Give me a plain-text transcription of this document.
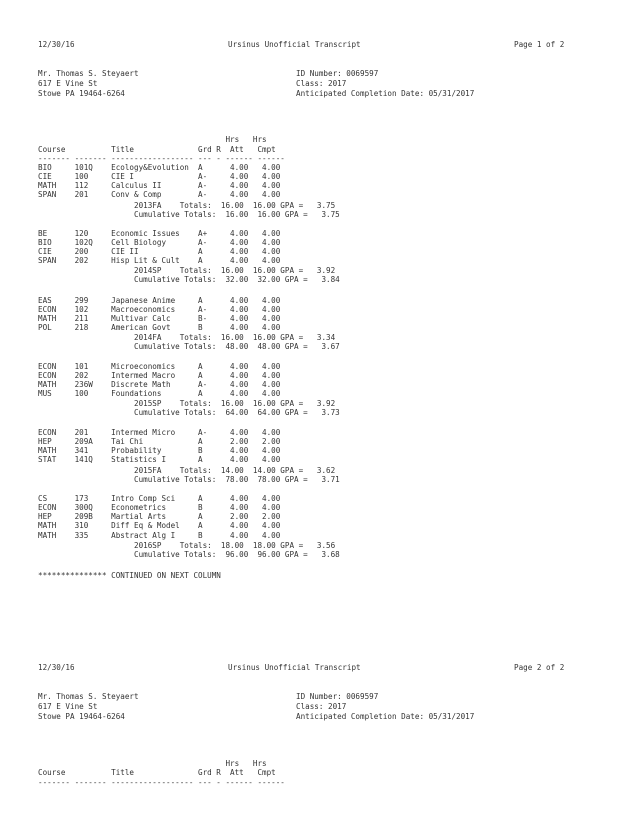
12/30/16	Ursinus Unofficial Transcript	Page 1 of 2
Mr. Thomas S. Steyaert
617 E Vine St
Stowe PA 19464-6264
ID Number: 0069597
Class: 2017
Anticipated Completion Date: 05/31/2017
Hrs   Hrs
Course          Title              Grd R  Att   Cmpt
------- ------- ------------------ --- - ------ ------
BIO     101Q    Ecology&Evolution  A      4.00   4.00
CIE     100     CIE I              A-     4.00   4.00
MATH    112     Calculus II        A-     4.00   4.00
SPAN    201     Conv & Comp        A-     4.00   4.00
2013FA    Totals:  16.00  16.00 GPA =   3.75
Cumulative Totals:  16.00  16.00 GPA =   3.75
BE      120     Economic Issues    A+     4.00   4.00
BIO     102Q    Cell Biology       A-     4.00   4.00
CIE     200     CIE II             A      4.00   4.00
SPAN    202     Hisp Lit & Cult    A      4.00   4.00
2014SP    Totals:  16.00  16.00 GPA =   3.92
Cumulative Totals:  32.00  32.00 GPA =   3.84
EAS     299     Japanese Anime     A      4.00   4.00
ECON    102     Macroeconomics     A-     4.00   4.00
MATH    211     Multivar Calc      B-     4.00   4.00
POL     218     American Govt      B      4.00   4.00
2014FA    Totals:  16.00  16.00 GPA =   3.34
Cumulative Totals:  48.00  48.00 GPA =   3.67
ECON    101     Microeconomics     A      4.00   4.00
ECON    202     Intermed Macro     A      4.00   4.00
MATH    236W    Discrete Math      A-     4.00   4.00
MUS     100     Foundations        A      4.00   4.00
2015SP    Totals:  16.00  16.00 GPA =   3.92
Cumulative Totals:  64.00  64.00 GPA =   3.73
ECON    201     Intermed Micro     A-     4.00   4.00
HEP     209A    Tai Chi            A      2.00   2.00
MATH    341     Probability        B      4.00   4.00
STAT    141Q    Statistics I       A      4.00   4.00
2015FA    Totals:  14.00  14.00 GPA =   3.62
Cumulative Totals:  78.00  78.00 GPA =   3.71
CS      173     Intro Comp Sci     A      4.00   4.00
ECON    300Q    Econometrics       B      4.00   4.00
HEP     209B    Martial Arts       A      2.00   2.00
MATH    310     Diff Eq & Model    A      4.00   4.00
MATH    335     Abstract Alg I     B      4.00   4.00
2016SP    Totals:  18.00  18.00 GPA =   3.56
Cumulative Totals:  96.00  96.00 GPA =   3.68
*************** CONTINUED ON NEXT COLUMN
12/30/16	Ursinus Unofficial Transcript	Page 2 of 2
Mr. Thomas S. Steyaert
617 E Vine St
Stowe PA 19464-6264
ID Number: 0069597
Class: 2017
Anticipated Completion Date: 05/31/2017
Hrs   Hrs
Course          Title              Grd R  Att   Cmpt
------- ------- ------------------ --- - ------ ------
